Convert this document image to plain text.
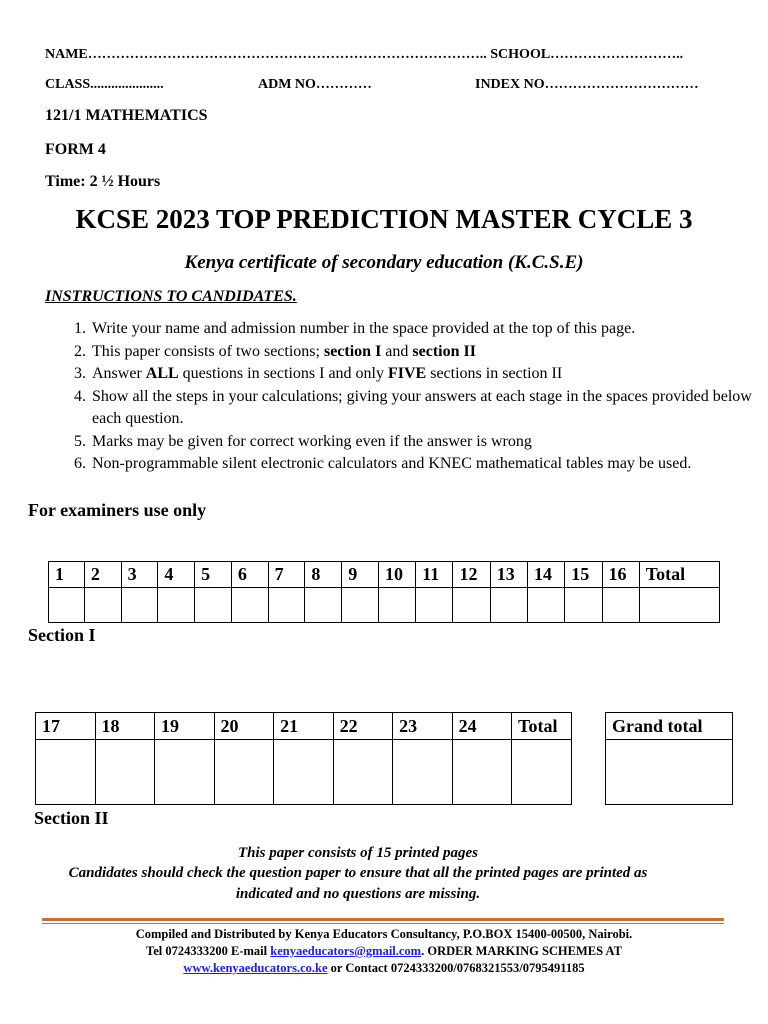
NAME………………………………………………………………………….. SCHOOL………………………..
CLASS.....................	ADM NO…………	INDEX NO……………………………
121/1 MATHEMATICS
FORM 4
Time: 2 ½ Hours
KCSE 2023 TOP PREDICTION MASTER CYCLE 3
Kenya certificate of secondary education (K.C.S.E)
INSTRUCTIONS TO CANDIDATES.
1. Write your name and admission number in the space provided at the top of this page.
2. This paper consists of two sections; section I and section II
3. Answer ALL questions in sections I and only FIVE sections in section II
4. Show all the steps in your calculations; giving your answers at each stage in the spaces provided below each question.
5. Marks may be given for correct working even if the answer is wrong
6. Non-programmable silent electronic calculators and KNEC mathematical tables may be used.
For examiners use only
1	2	3	4	5	6	7	8	9	10	11	12	13	14	15	16	Total

Section I
17	18	19	20	21	22	23	24	Total

Section II
Grand total

This paper consists of 15 printed pages
Candidates should check the question paper to ensure that all the printed pages are printed as
indicated and no questions are missing.
Compiled and Distributed by Kenya Educators Consultancy, P.O.BOX 15400-00500, Nairobi.
Tel 0724333200 E-mail kenyaeducators@gmail.com. ORDER MARKING SCHEMES AT
www.kenyaeducators.co.ke or Contact 0724333200/0768321553/0795491185
